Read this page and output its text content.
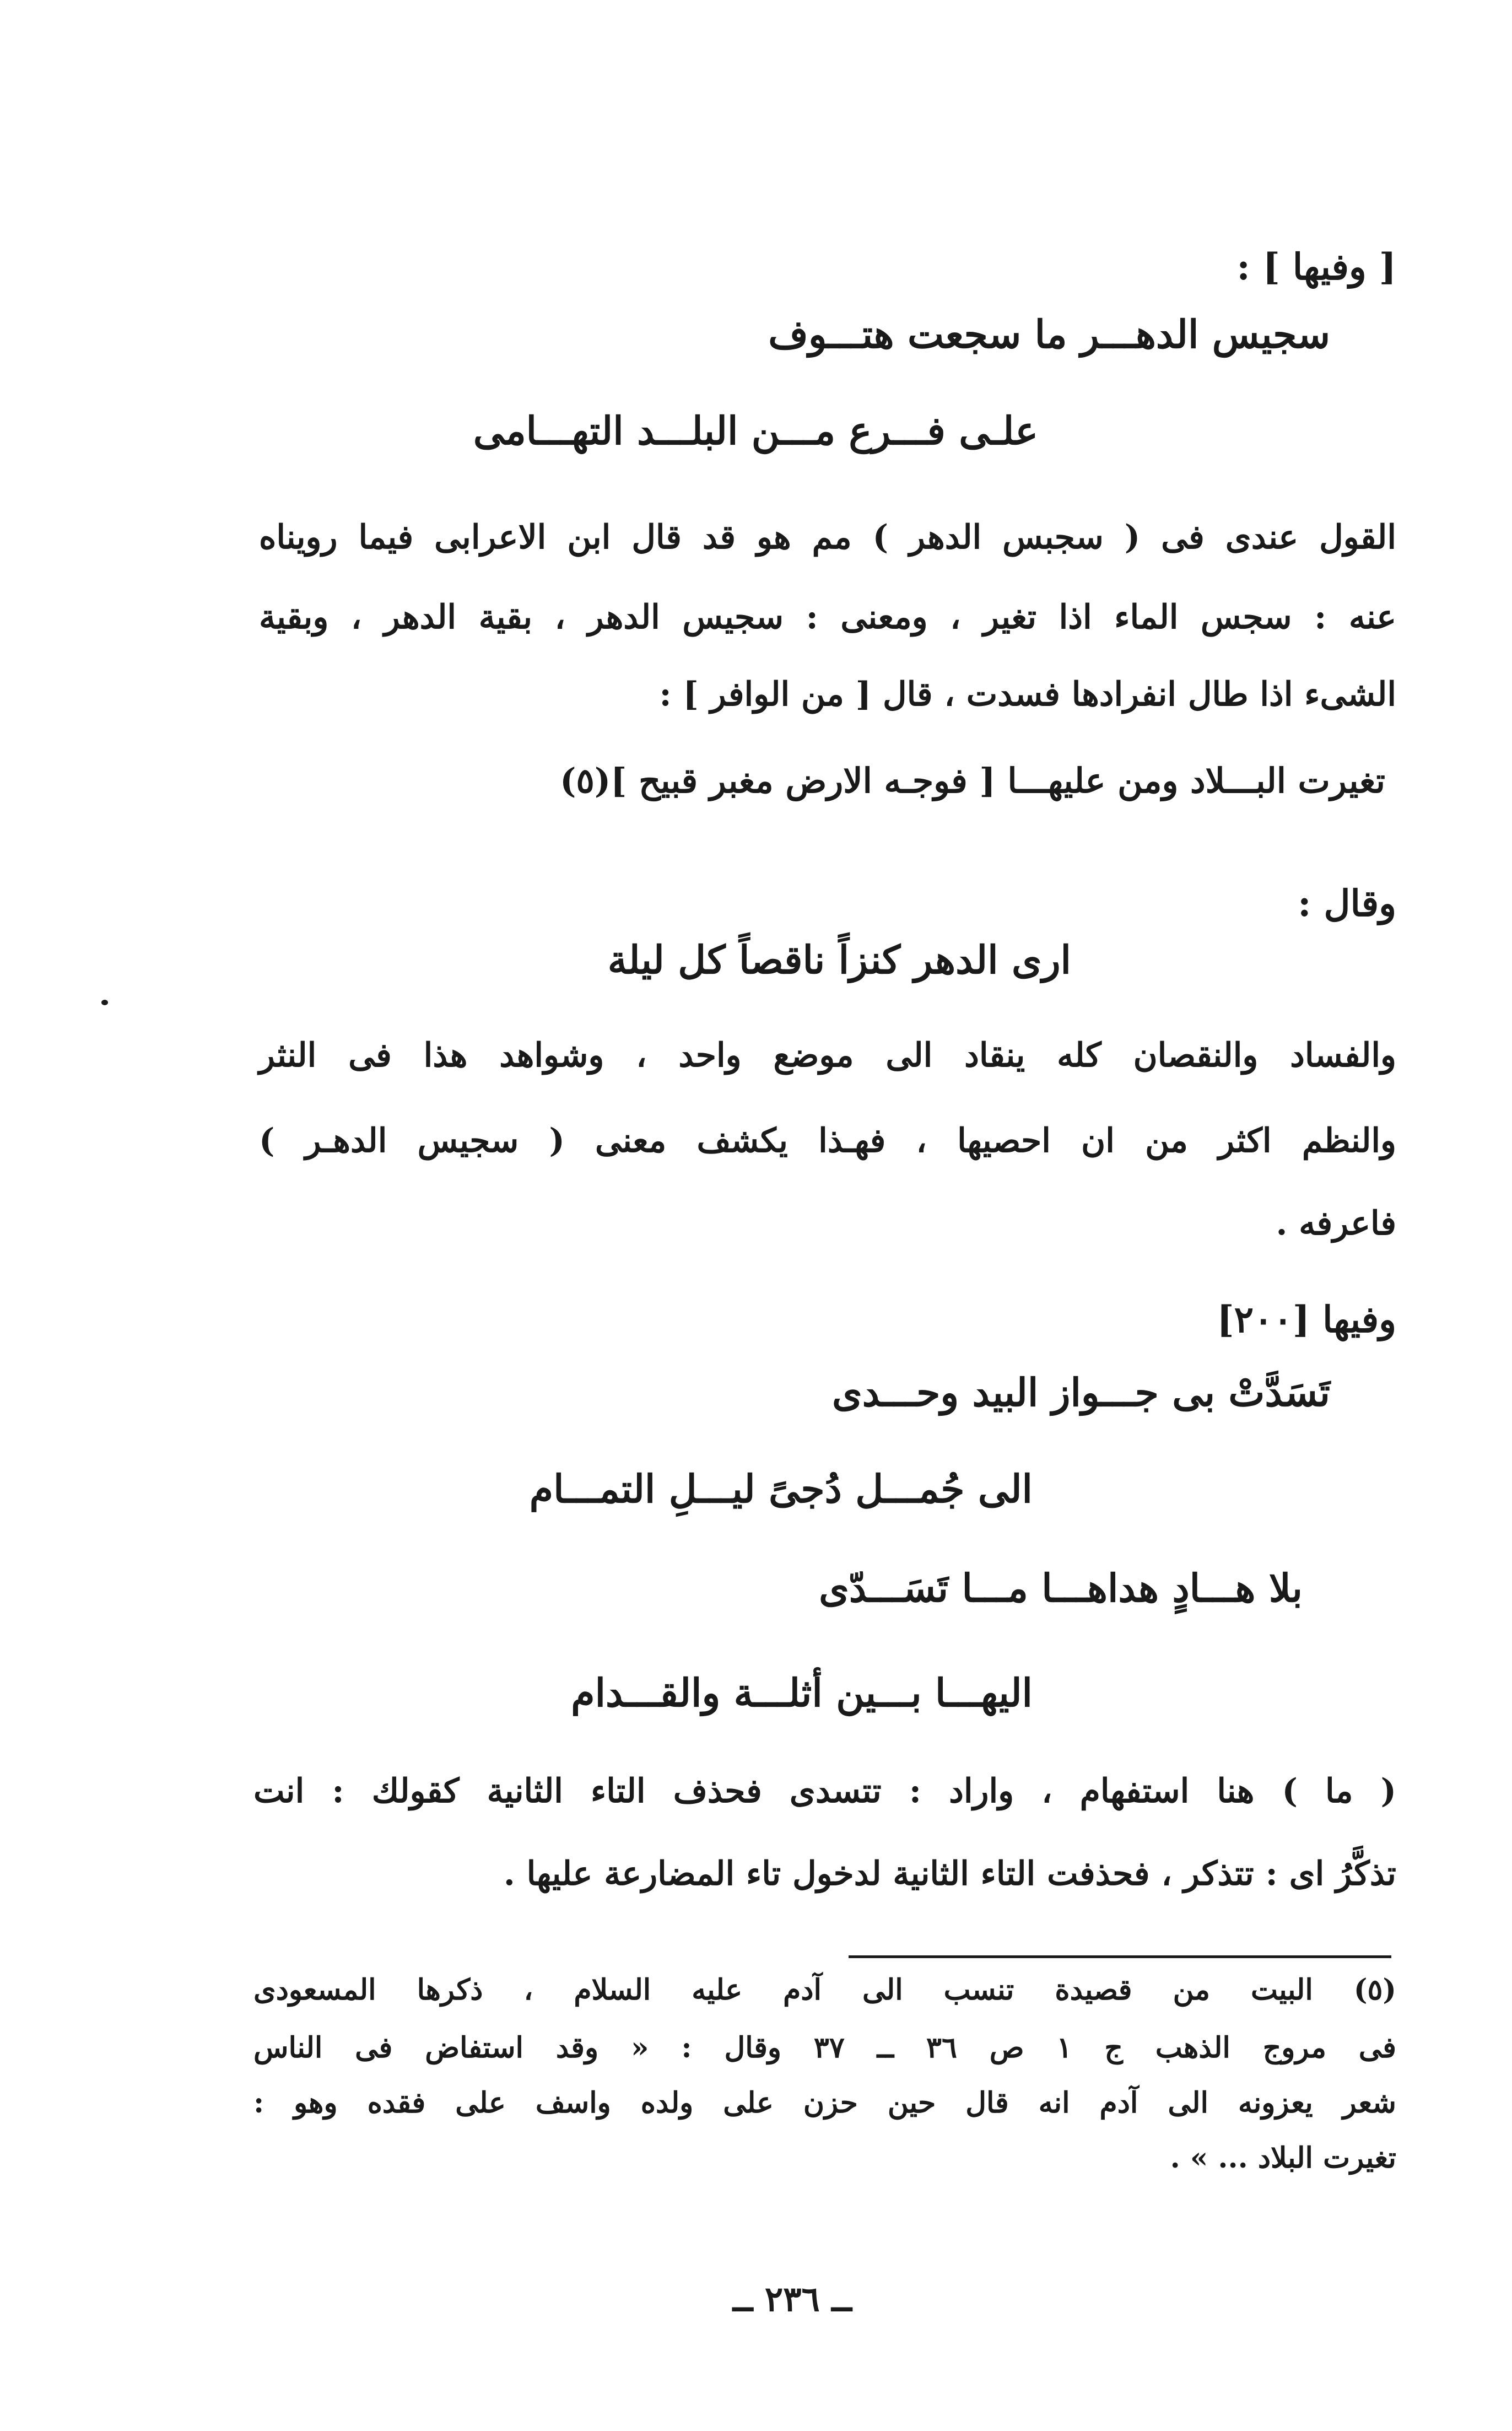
[ وفيها ] :
سجيس الدهـــر ما سجعت هتـــوف
علـى فـــرع مـــن البلـــد التهـــامى
القول عندى فى ( سجبس الدهر ) مم هو قد قال ابن الاعرابى فيما رويناه
عنه : سجس الماء اذا تغير ، ومعنى : سجيس الدهر ، بقية الدهر ، وبقية
الشىء اذا طال انفرادها فسدت ، قال [ من الوافر ] :
تغيرت البـــلاد ومن عليهـــا [ فوجـه الارض مغبر قبيح ](٥)
وقال :
ارى الدهر كنزاً ناقصاً كل ليلة
والفساد والنقصان كله ينقاد الى موضع واحد ، وشواهد هذا فى النثر
والنظم اكثر من ان احصيها ، فهـذا يكشف معنى ( سجيس الدهـر )
فاعرفه .
وفيها [٢٠٠]
تَسَدَّتْ بى جـــواز البيد وحـــدى
الى جُمـــل دُجىً ليـــلِ التمـــام
بلا هـــادٍ هداهـــا مـــا تَسَـــدّى
اليهـــا بـــين أثلـــة والقـــدام
( ما ) هنا استفهام ، واراد : تتسدى فحذف التاء الثانية كقولك : انت
تذكَّرُ اى : تتذكر ، فحذفت التاء الثانية لدخول تاء المضارعة عليها .
(٥) البيت من قصيدة تنسب الى آدم عليه السلام ، ذكرها المسعودى
فى مروج الذهب ج ١ ص ٣٦ ــ ٣٧ وقال : « وقد استفاض فى الناس
شعر يعزونه الى آدم انه قال حين حزن على ولده واسف على فقده وهو :
تغيرت البلاد ... » .
ــ ٢٣٦ ــ
